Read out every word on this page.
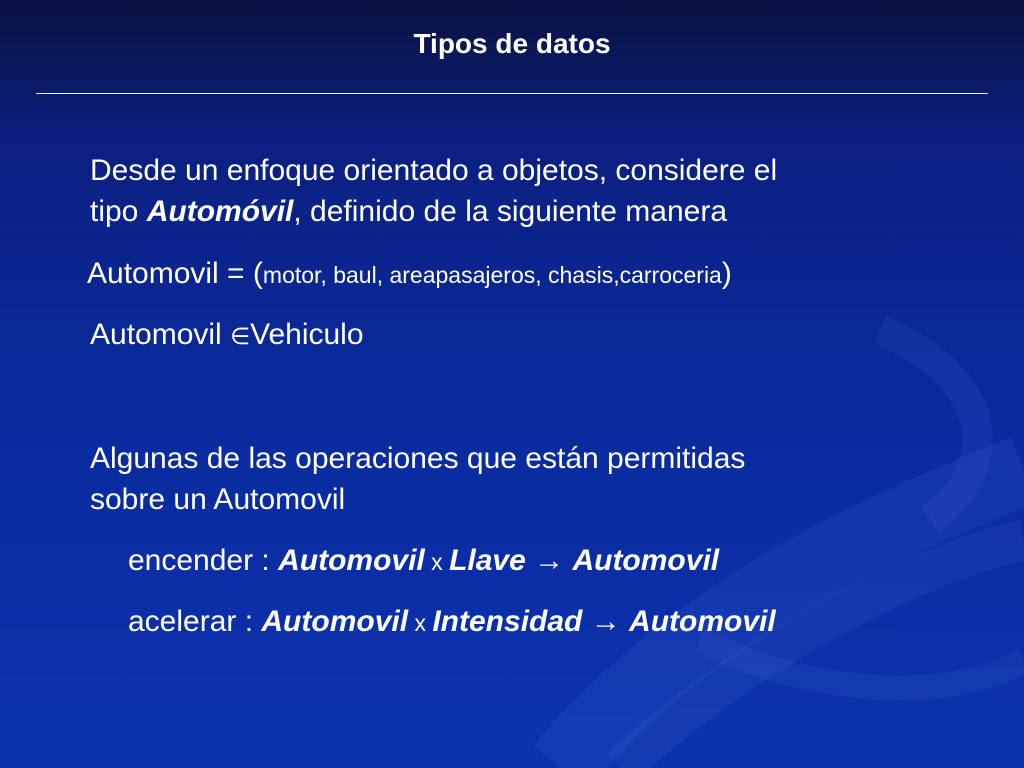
Tipos de datos
Desde un enfoque orientado a objetos, considere el
tipo Automóvil, definido de la siguiente manera
Automovil = (motor, baul, areapasajeros, chasis,carroceria)
Automovil ∈Vehiculo
Algunas de las operaciones que están permitidas
sobre un Automovil
encender : Automovil x Llave → Automovil
acelerar : Automovil x Intensidad → Automovil
